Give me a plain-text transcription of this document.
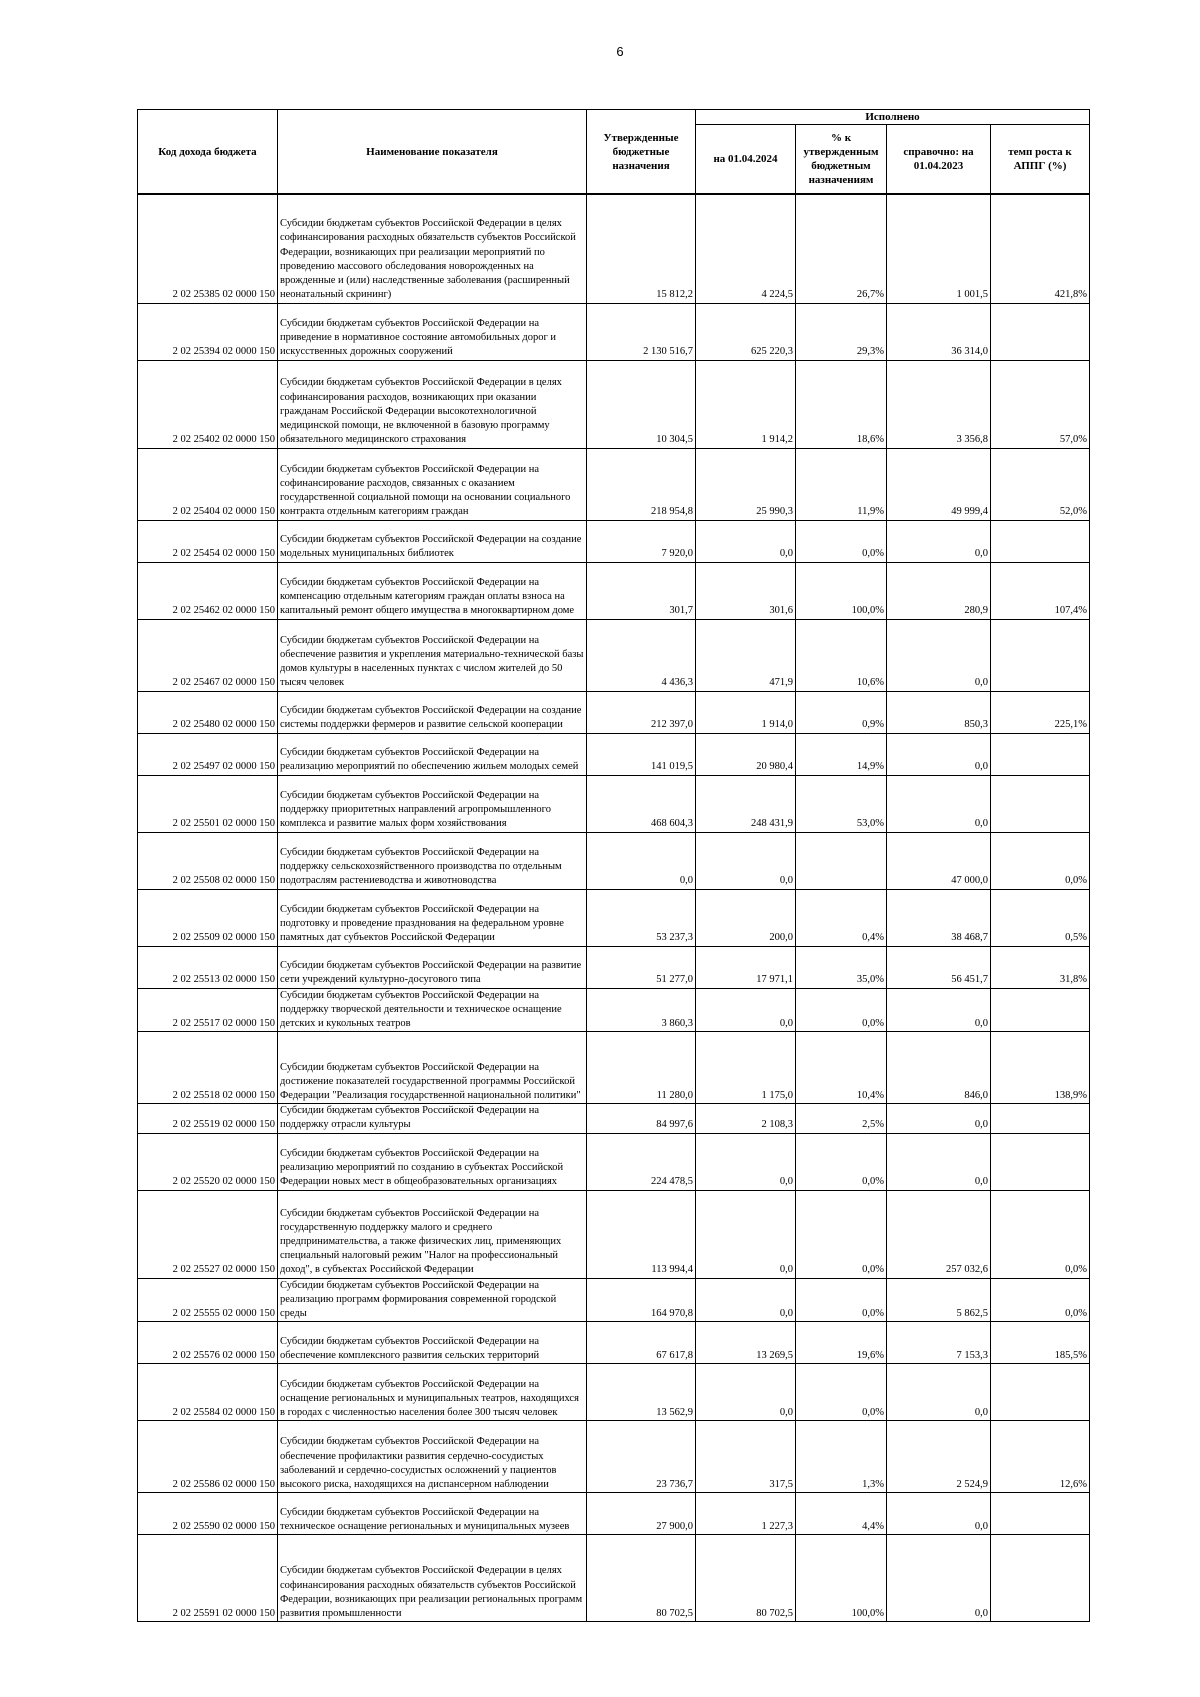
6
Код дохода бюджета	Наименование показателя	Утвержденные бюджетные назначения	Исполнено			
			на 01.04.2024	% к утвержденным бюджетным назначениям	справочно: на 01.04.2023	темп роста к АППГ (%)
2 02 25385 02 0000 150	Субсидии бюджетам субъектов Российской Федерации в целях софинансирования расходных обязательств субъектов Российской Федерации, возникающих при реализации мероприятий по проведению массового обследования новорожденных на врожденные и (или) наследственные заболевания (расширенный неонатальный скрининг)	15 812,2	4 224,5	26,7%	1 001,5	421,8%
2 02 25394 02 0000 150	Субсидии бюджетам субъектов Российской Федерации на приведение в нормативное состояние автомобильных дорог и искусственных дорожных сооружений	2 130 516,7	625 220,3	29,3%	36 314,0	
2 02 25402 02 0000 150	Субсидии бюджетам субъектов Российской Федерации в целях софинансирования расходов, возникающих при оказании гражданам Российской Федерации высокотехнологичной медицинской помощи, не включенной в базовую программу обязательного медицинского страхования	10 304,5	1 914,2	18,6%	3 356,8	57,0%
2 02 25404 02 0000 150	Субсидии бюджетам субъектов Российской Федерации на софинансирование расходов, связанных с оказанием государственной социальной помощи на основании социального контракта отдельным категориям граждан	218 954,8	25 990,3	11,9%	49 999,4	52,0%
2 02 25454 02 0000 150	Субсидии бюджетам субъектов Российской Федерации на создание модельных муниципальных библиотек	7 920,0	0,0	0,0%	0,0	
2 02 25462 02 0000 150	Субсидии бюджетам субъектов Российской Федерации на компенсацию отдельным категориям граждан оплаты взноса на капитальный ремонт общего имущества в многоквартирном доме	301,7	301,6	100,0%	280,9	107,4%
2 02 25467 02 0000 150	Субсидии бюджетам субъектов Российской Федерации на обеспечение развития и укрепления материально-технической базы домов культуры в населенных пунктах с числом жителей до 50 тысяч человек	4 436,3	471,9	10,6%	0,0	
2 02 25480 02 0000 150	Субсидии бюджетам субъектов Российской Федерации на создание системы поддержки фермеров и развитие сельской кооперации	212 397,0	1 914,0	0,9%	850,3	225,1%
2 02 25497 02 0000 150	Субсидии бюджетам субъектов Российской Федерации на реализацию мероприятий по обеспечению жильем молодых семей	141 019,5	20 980,4	14,9%	0,0	
2 02 25501 02 0000 150	Субсидии бюджетам субъектов Российской Федерации на поддержку приоритетных направлений агропромышленного комплекса и развитие малых форм хозяйствования	468 604,3	248 431,9	53,0%	0,0	
2 02 25508 02 0000 150	Субсидии бюджетам субъектов Российской Федерации на поддержку сельскохозяйственного производства по отдельным подотраслям растениеводства и животноводства	0,0	0,0		47 000,0	0,0%
2 02 25509 02 0000 150	Субсидии бюджетам субъектов Российской Федерации на подготовку и проведение празднования на федеральном уровне памятных дат субъектов Российской Федерации	53 237,3	200,0	0,4%	38 468,7	0,5%
2 02 25513 02 0000 150	Субсидии бюджетам субъектов Российской Федерации на развитие сети учреждений культурно-досугового типа	51 277,0	17 971,1	35,0%	56 451,7	31,8%
2 02 25517 02 0000 150	Субсидии бюджетам субъектов Российской Федерации на поддержку творческой деятельности и техническое оснащение детских и кукольных театров	3 860,3	0,0	0,0%	0,0	
2 02 25518 02 0000 150	Субсидии бюджетам субъектов Российской Федерации на достижение показателей государственной программы Российской Федерации "Реализация государственной национальной политики"	11 280,0	1 175,0	10,4%	846,0	138,9%
2 02 25519 02 0000 150	Субсидии бюджетам субъектов Российской Федерации на поддержку отрасли культуры	84 997,6	2 108,3	2,5%	0,0	
2 02 25520 02 0000 150	Субсидии бюджетам субъектов Российской Федерации на реализацию мероприятий по созданию в субъектах Российской Федерации новых мест в общеобразовательных организациях	224 478,5	0,0	0,0%	0,0	
2 02 25527 02 0000 150	Субсидии бюджетам субъектов Российской Федерации на государственную поддержку малого и среднего предпринимательства, а также физических лиц, применяющих специальный налоговый режим "Налог на профессиональный доход", в субъектах Российской Федерации	113 994,4	0,0	0,0%	257 032,6	0,0%
2 02 25555 02 0000 150	Субсидии бюджетам субъектов Российской Федерации на реализацию программ формирования современной городской среды	164 970,8	0,0	0,0%	5 862,5	0,0%
2 02 25576 02 0000 150	Субсидии бюджетам субъектов Российской Федерации на обеспечение комплексного развития сельских территорий	67 617,8	13 269,5	19,6%	7 153,3	185,5%
2 02 25584 02 0000 150	Субсидии бюджетам субъектов Российской Федерации на оснащение региональных и муниципальных театров, находящихся в городах с численностью населения более 300 тысяч человек	13 562,9	0,0	0,0%	0,0	
2 02 25586 02 0000 150	Субсидии бюджетам субъектов Российской Федерации на обеспечение профилактики развития сердечно-сосудистых заболеваний и сердечно-сосудистых осложнений у пациентов высокого риска, находящихся на диспансерном наблюдении	23 736,7	317,5	1,3%	2 524,9	12,6%
2 02 25590 02 0000 150	Субсидии бюджетам субъектов Российской Федерации на техническое оснащение региональных и муниципальных музеев	27 900,0	1 227,3	4,4%	0,0	
2 02 25591 02 0000 150	Субсидии бюджетам субъектов Российской Федерации в целях софинансирования расходных обязательств субъектов Российской Федерации, возникающих при реализации региональных программ развития промышленности	80 702,5	80 702,5	100,0%	0,0	
